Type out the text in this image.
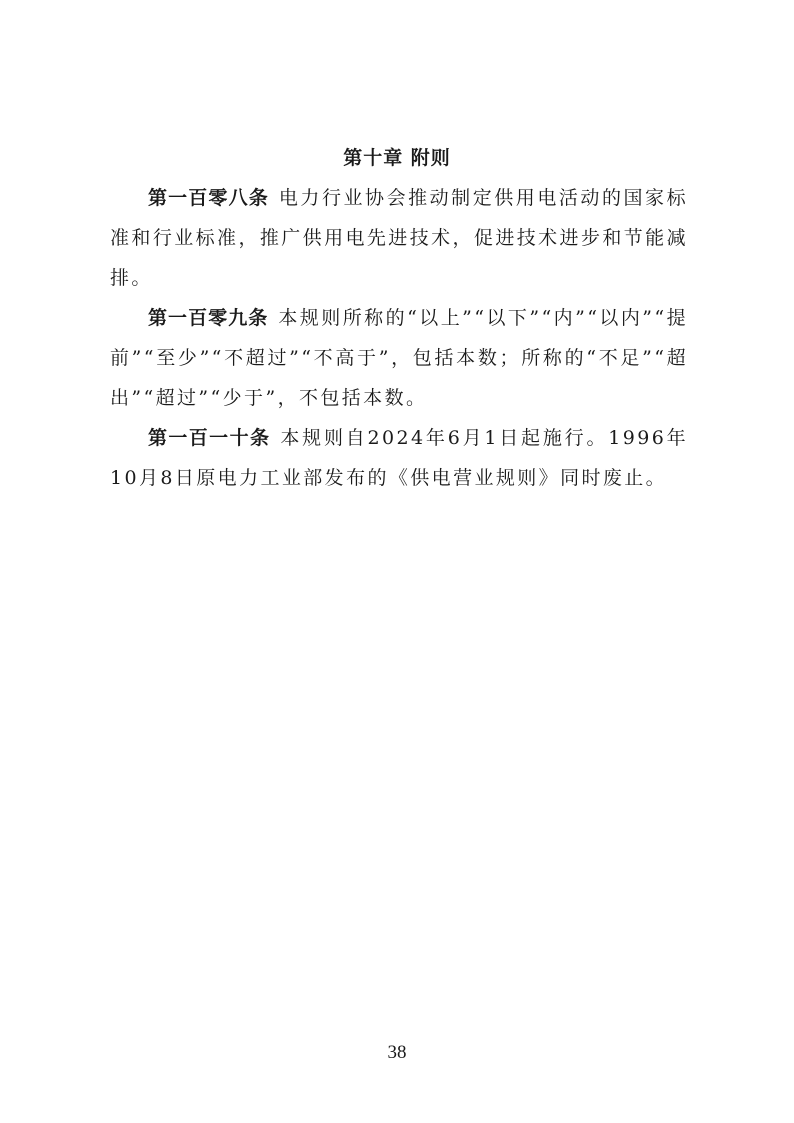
第十章 附则

第一百零八条 电力行业协会推动制定供用电活动的国家标准和行业标准，推广供用电先进技术，促进技术进步和节能减排。

第一百零九条 本规则所称的“以上”“以下”“内”“以内”“提前”“至少”“不超过”“不高于”，包括本数；所称的“不足”“超出”“超过”“少于”，不包括本数。

第一百一十条 本规则自2024年6月1日起施行。1996年10月8日原电力工业部发布的《供电营业规则》同时废止。

38
